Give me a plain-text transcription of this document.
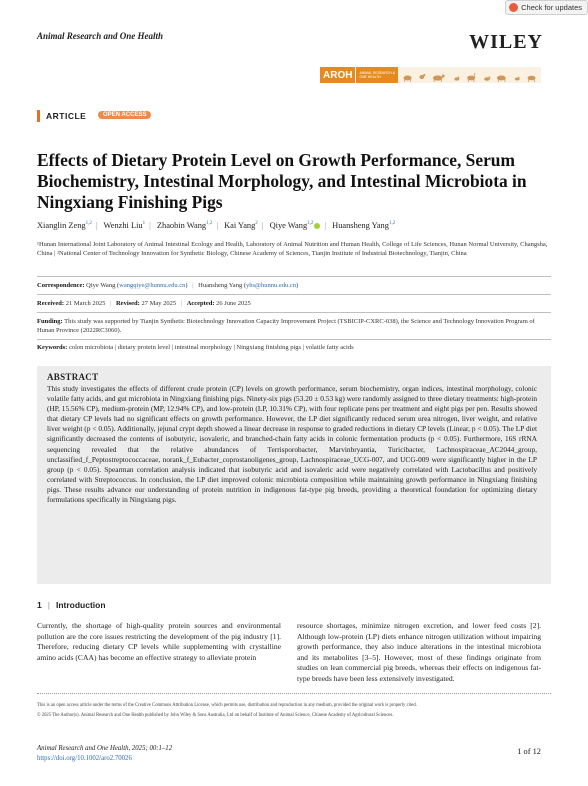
Check for updates
Animal Research and One Health	WILEY
AROH	ANIMAL RESEARCH &
ONE HEALTH
ARTICLE	OPEN ACCESS
Effects of Dietary Protein Level on Growth Performance, Serum Biochemistry, Intestinal Morphology, and Intestinal Microbiota in Ningxiang Finishing Pigs
Xianglin Zeng$^{1,2}$ | Wenzhi Liu$^1$ | Zhaobin Wang$^{1,2}$ | Kai Yang$^2$ | Qiye Wang$^{1,2}$ | Huansheng Yang$^{1,2}$
¹Hunan International Joint Laboratory of Animal Intestinal Ecology and Health, Laboratory of Animal Nutrition and Human Health, College of Life Sciences, Hunan Normal University, Changsha, China | ²National Center of Technology Innovation for Synthetic Biology, Chinese Academy of Sciences, Tianjin Institute of Industrial Biotechnology, Tianjin, China
Correspondence: Qiye Wang (wangqiye@hunnu.edu.cn) | Huansheng Yang (yhs@hunnu.edu.cn)
Received: 21 March 2025 | Revised: 27 May 2025 | Accepted: 26 June 2025
Funding: This study was supported by Tianjin Synthetic Biotechnology Innovation Capacity Improvement Project (TSBICIP-CXRC-038), the Science and Technology Innovation Program of Hunan Province (2022RC3060).
Keywords: colon microbiota | dietary protein level | intestinal morphology | Ningxiang finishing pigs | volatile fatty acids
ABSTRACT
This study investigates the effects of different crude protein (CP) levels on growth performance, serum biochemistry, organ indices, intestinal morphology, colonic volatile fatty acids, and gut microbiota in Ningxiang finishing pigs. Ninety-six pigs (53.20 ± 0.53 kg) were randomly assigned to three dietary treatments: high-protein (HP, 15.56% CP), medium-protein (MP, 12.94% CP), and low-protein (LP, 10.31% CP), with four replicate pens per treatment and eight pigs per pen. Results showed that dietary CP levels had no significant effects on growth performance. However, the LP diet significantly reduced serum urea nitrogen, liver weight, and relative liver weight (p < 0.05). Additionally, jejunal crypt depth showed a linear decrease in response to graded reductions in dietary CP levels (Linear, p < 0.05). The LP diet significantly decreased the contents of isobutyric, isovaleric, and branched-chain fatty acids in colonic fermentation products (p < 0.05). Furthermore, 16S rRNA sequencing revealed that the relative abundances of Terrisporobacter, Marvinbryantia, Turicibacter, Lachnospiraceae_AC2044_group, unclassified_f_Peptostreptococcaceae, norank_f_Eubacter_coprostanoligenes_group, Lachnospiraceae_UCG-007, and UCG-009 were significantly higher in the LP group (p < 0.05). Spearman correlation analysis indicated that isobutyric acid and isovaleric acid were negatively correlated with Lactobacillus and positively correlated with Streptococcus. In conclusion, the LP diet improved colonic microbiota composition while maintaining growth performance in Ningxiang finishing pigs. These results advance our understanding of protein nutrition in indigenous fat-type pig breeds, providing a theoretical foundation for optimizing dietary formulations specifically in Ningxiang pigs.
1 | Introduction
Currently, the shortage of high-quality protein sources and environmental pollution are the core issues restricting the development of the pig industry [1]. Therefore, reducing dietary CP levels while supplementing with crystalline amino acids (CAA) has become an effective strategy to alleviate protein
resource shortages, minimize nitrogen excretion, and lower feed costs [2]. Although low-protein (LP) diets enhance nitrogen utilization without impairing growth performance, they also induce alterations in the intestinal microbiota and its metabolites [3–5]. However, most of these findings originate from studies on lean commercial pig breeds, whereas their effects on indigenous fat-type breeds have been less extensively investigated.
This is an open access article under the terms of the Creative Commons Attribution License, which permits use, distribution and reproduction in any medium, provided the original work is properly cited.
© 2025 The Author(s). Animal Research and One Health published by John Wiley & Sons Australia, Ltd on behalf of Institute of Animal Science, Chinese Academy of Agricultural Sciences.
Animal Research and One Health, 2025; 00:1–12
https://doi.org/10.1002/aro2.70026
1 of 12
